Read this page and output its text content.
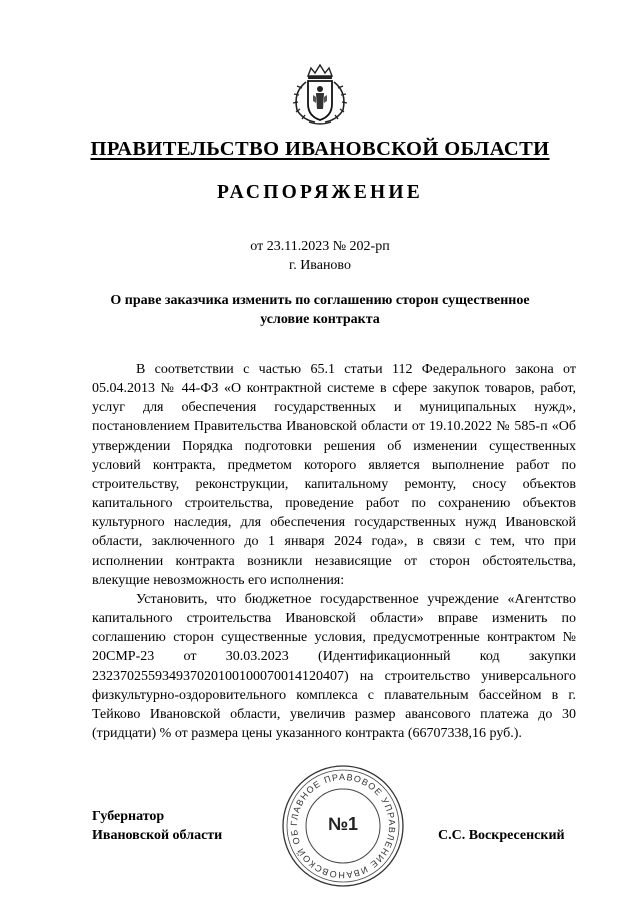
ПРАВИТЕЛЬСТВО ИВАНОВСКОЙ ОБЛАСТИ
РАСПОРЯЖЕНИЕ
от 23.11.2023 № 202-рп
г. Иваново
О праве заказчика изменить по соглашению сторон существенное
условие контракта

В соответствии с частью 65.1 статьи 112 Федерального закона от 05.04.2013 № 44-ФЗ «О контрактной системе в сфере закупок товаров, работ, услуг для обеспечения государственных и муниципальных нужд», постановлением Правительства Ивановской области от 19.10.2022 № 585-п «Об утверждении Порядка подготовки решения об изменении существенных условий контракта, предметом которого является выполнение работ по строительству, реконструкции, капитальному ремонту, сносу объектов капитального строительства, проведение работ по сохранению объектов культурного наследия, для обеспечения государственных нужд Ивановской области, заключенного до 1 января 2024 года», в связи с тем, что при исполнении контракта возникли независящие от сторон обстоятельства, влекущие невозможность его исполнения:

Установить, что бюджетное государственное учреждение «Агентство капитального строительства Ивановской области» вправе изменить по соглашению сторон существенные условия, предусмотренные контрактом № 20СМР-23 от 30.03.2023 (Идентификационный код закупки 232370255934937020100100070014120407) на строительство универсального физкультурно-оздоровительного комплекса с плавательным бассейном в г. Тейково Ивановской области, увеличив размер авансового платежа до 30 (тридцати) % от размера цены указанного контракта (66707338,16 руб.).

Губернатор
Ивановской области
ГЛАВНОЕ ПРАВОВОЕ УПРАВЛЕНИЕ ИВАНОВСКОЙ ОБ	№1
С.С. Воскресенский
